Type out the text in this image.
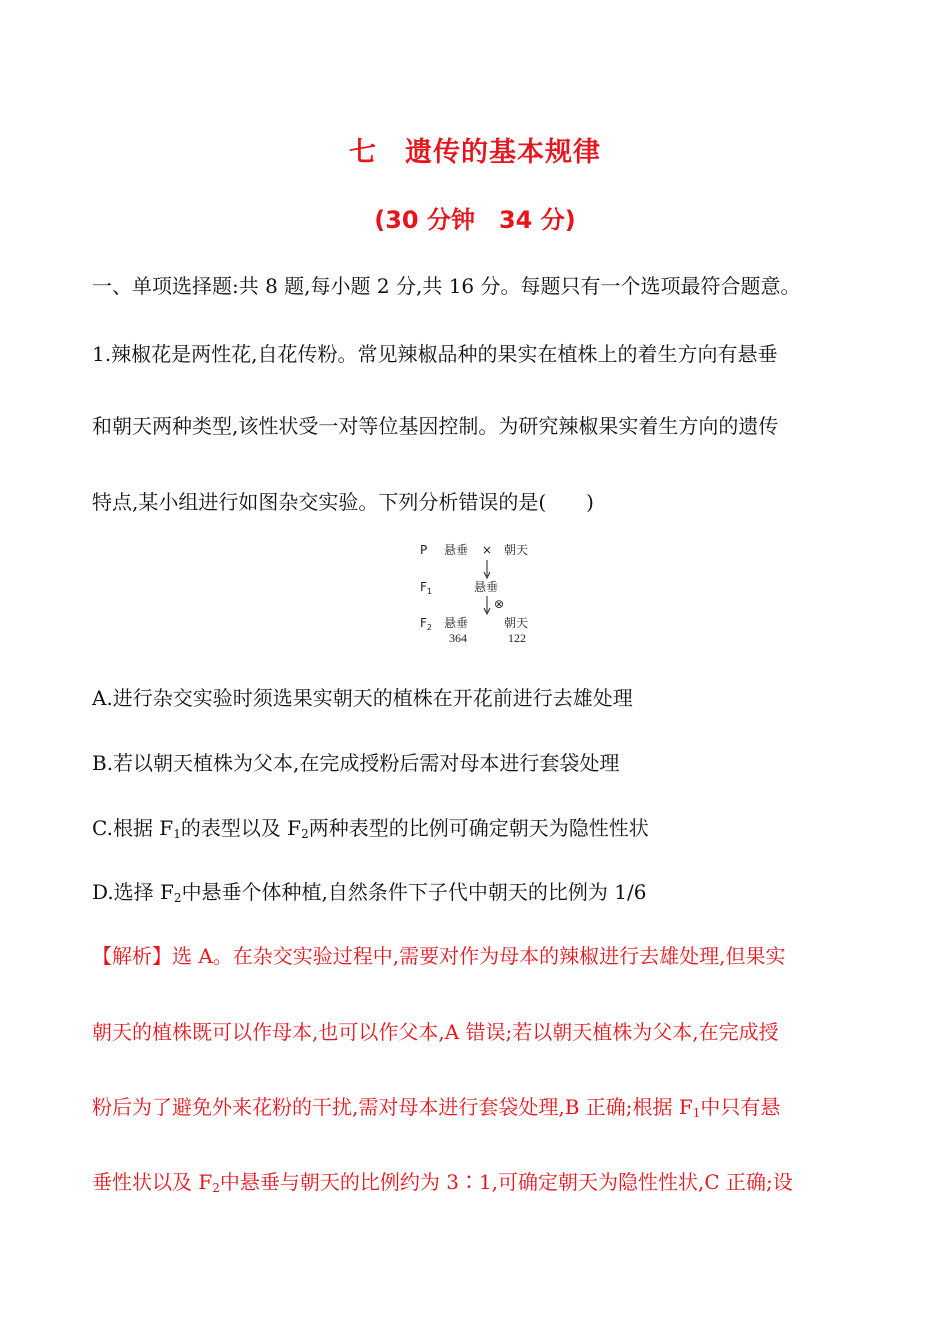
七　遗传的基本规律
(30 分钟　34 分)
一、单项选择题:共 8 题,每小题 2 分,共 16 分。每题只有一个选项最符合题意。
1.辣椒花是两性花,自花传粉。常见辣椒品种的果实在植株上的着生方向有悬垂
和朝天两种类型,该性状受一对等位基因控制。为研究辣椒果实着生方向的遗传
特点,某小组进行如图杂交实验。下列分析错误的是(　　)
P 悬垂 × 朝天
$F_1$	悬垂
⊗
$F_2$ 悬垂	朝天
364	122
A.进行杂交实验时须选果实朝天的植株在开花前进行去雄处理
B.若以朝天植株为父本,在完成授粉后需对母本进行套袋处理
C.根据 $F_1$的表型以及 $F_2$两种表型的比例可确定朝天为隐性性状
D.选择 $F_2$中悬垂个体种植,自然条件下子代中朝天的比例为 1/6
【解析】选 A。在杂交实验过程中,需要对作为母本的辣椒进行去雄处理,但果实
朝天的植株既可以作母本,也可以作父本,A 错误;若以朝天植株为父本,在完成授
粉后为了避免外来花粉的干扰,需对母本进行套袋处理,B 正确;根据 $F_1$中只有悬
垂性状以及 $F_2$中悬垂与朝天的比例约为 3∶1,可确定朝天为隐性性状,C 正确;设
